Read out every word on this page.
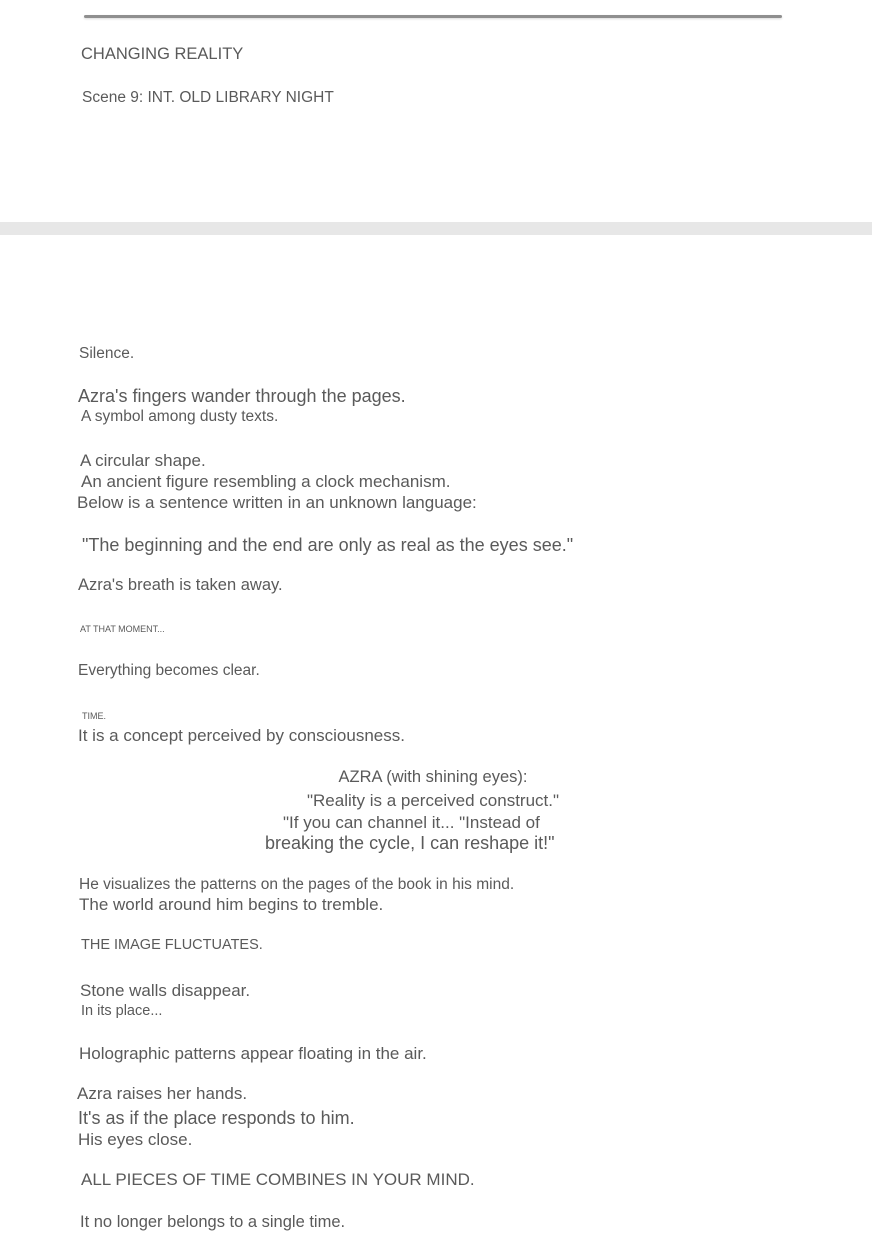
CHANGING REALITY
Scene 9: INT. OLD LIBRARY NIGHT
Silence.
Azra's fingers wander through the pages.
A symbol among dusty texts.
A circular shape.
An ancient figure resembling a clock mechanism.
Below is a sentence written in an unknown language:
"The beginning and the end are only as real as the eyes see."
Azra's breath is taken away.
AT THAT MOMENT...
Everything becomes clear.
TIME.
It is a concept perceived by consciousness.
AZRA (with shining eyes):
"Reality is a perceived construct."
"If you can channel it... "Instead of
breaking the cycle, I can reshape it!"
He visualizes the patterns on the pages of the book in his mind.
The world around him begins to tremble.
THE IMAGE FLUCTUATES.
Stone walls disappear.
In its place...
Holographic patterns appear floating in the air.
Azra raises her hands.
It's as if the place responds to him.
His eyes close.
ALL PIECES OF TIME COMBINES IN YOUR MIND.
It no longer belongs to a single time.
